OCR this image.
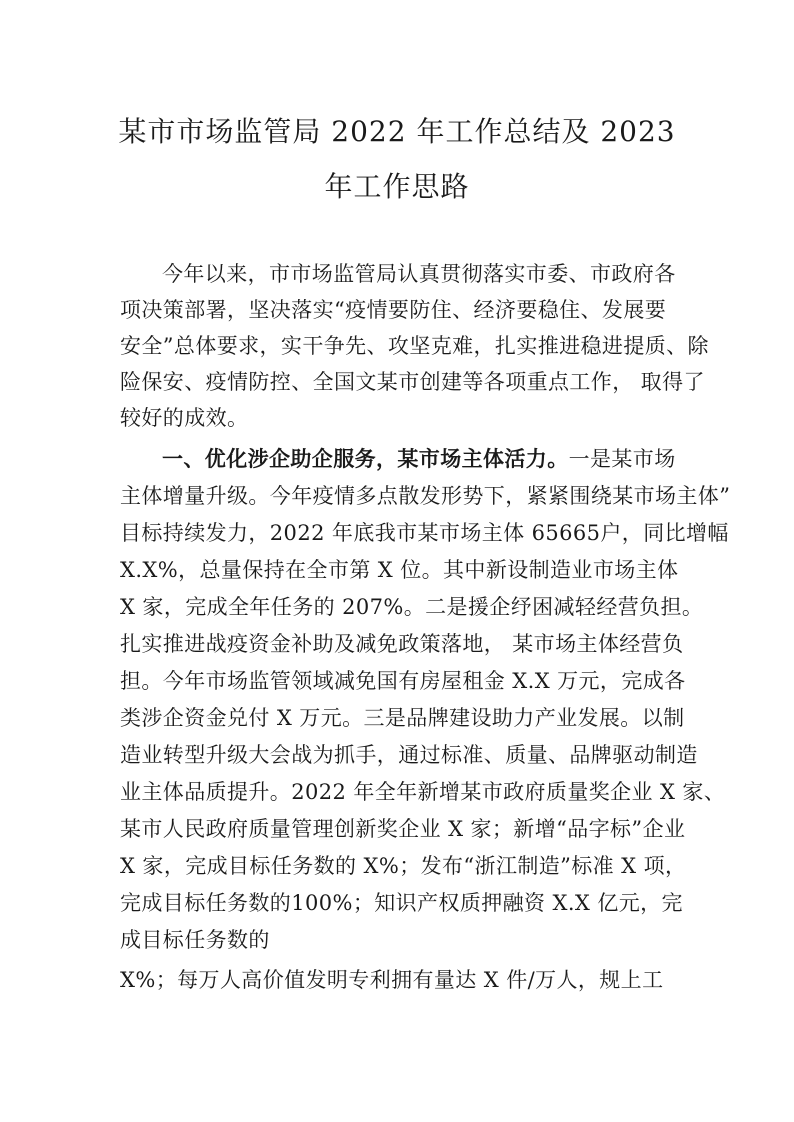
某市市场监管局 2022 年工作总结及 2023
年工作思路
今年以来，市市场监管局认真贯彻落实市委、市政府各
项决策部署，坚决落实“疫情要防住、经济要稳住、发展要
安全”总体要求，实干争先、攻坚克难，扎实推进稳进提质、除
险保安、疫情防控、全国文某市创建等各项重点工作， 取得了
较好的成效。
一、优化涉企助企服务，某市场主体活力。一是某市场
主体增量升级。今年疫情多点散发形势下，紧紧围绕某市场主体”
目标持续发力，2022 年底我市某市场主体 65665户，同比增幅
X.X%，总量保持在全市第 X 位。其中新设制造业市场主体
X 家，完成全年任务的 207%。二是援企纾困减轻经营负担。
扎实推进战疫资金补助及减免政策落地， 某市场主体经营负
担。今年市场监管领域减免国有房屋租金 X.X 万元，完成各
类涉企资金兑付 X 万元。三是品牌建设助力产业发展。以制
造业转型升级大会战为抓手，通过标准、质量、品牌驱动制造
业主体品质提升。2022 年全年新增某市政府质量奖企业 X 家、
某市人民政府质量管理创新奖企业 X 家；新增“品字标”企业
X 家，完成目标任务数的 X%；发布“浙江制造”标准 X 项，
完成目标任务数的100%；知识产权质押融资 X.X 亿元，完
成目标任务数的
X%；每万人高价值发明专利拥有量达 X 件/万人，规上工
